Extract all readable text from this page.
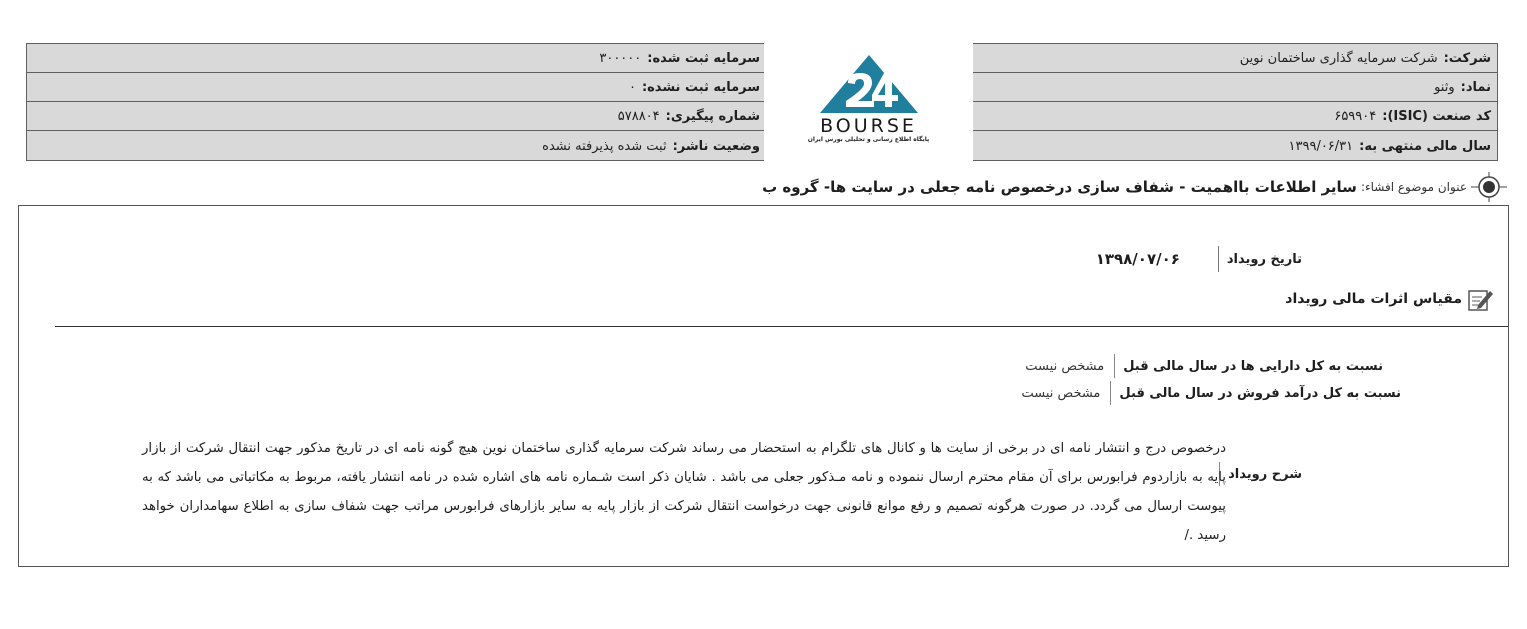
شرکت:
شرکت سرمایه گذاری ساختمان نوین
نماد:
وثنو
کد صنعت (ISIC):
۶۵۹۹۰۴
سال مالی منتهی به:
۱۳۹۹/۰۶/۳۱
BOURSE
پایگاه اطلاع رسانی و تحلیلی بورس ایران
سرمایه ثبت شده:
۳۰۰۰۰۰
سرمایه ثبت نشده:
۰
شماره پیگیری:
۵۷۸۸۰۴
وضعیت ناشر:
ثبت شده پذیرفته نشده
عنوان موضوع افشاء:
سایر اطلاعات بااهمیت - شفاف سازی درخصوص نامه جعلی در سایت ها- گروه ب
تاریخ رویداد
۱۳۹۸/۰۷/۰۶
مقیاس اثرات مالی رویداد
نسبت به کل دارایی ها در سال مالی قبل
مشخص نیست
نسبت به کل درآمد فروش در سال مالی قبل
مشخص نیست
شرح رویداد
درخصوص درج و انتشار نامه ای در برخی از سایت ها و کانال های تلگرام به استحضار می رساند شرکت سرمایه گذاری ساختمان نوین هیچ گونه نامه ای در تاریخ مذکور جهت انتقال شرکت از بازار پایه به بازاردوم فرابورس برای آن مقام محترم ارسال ننموده و نامه مـذکور جعلی می باشد . شایان ذکر است شـماره نامه های اشاره شده در نامه انتشار یافته، مربوط به مکاتباتی می باشد که به پیوست ارسال می گردد. در صورت هرگونه تصمیم و رفع موانع قانونی جهت درخواست انتقال شرکت از بازار پایه به سایر بازارهای فرابورس مراتب جهت شفاف سازی به اطلاع سهامداران خواهد رسید ./
